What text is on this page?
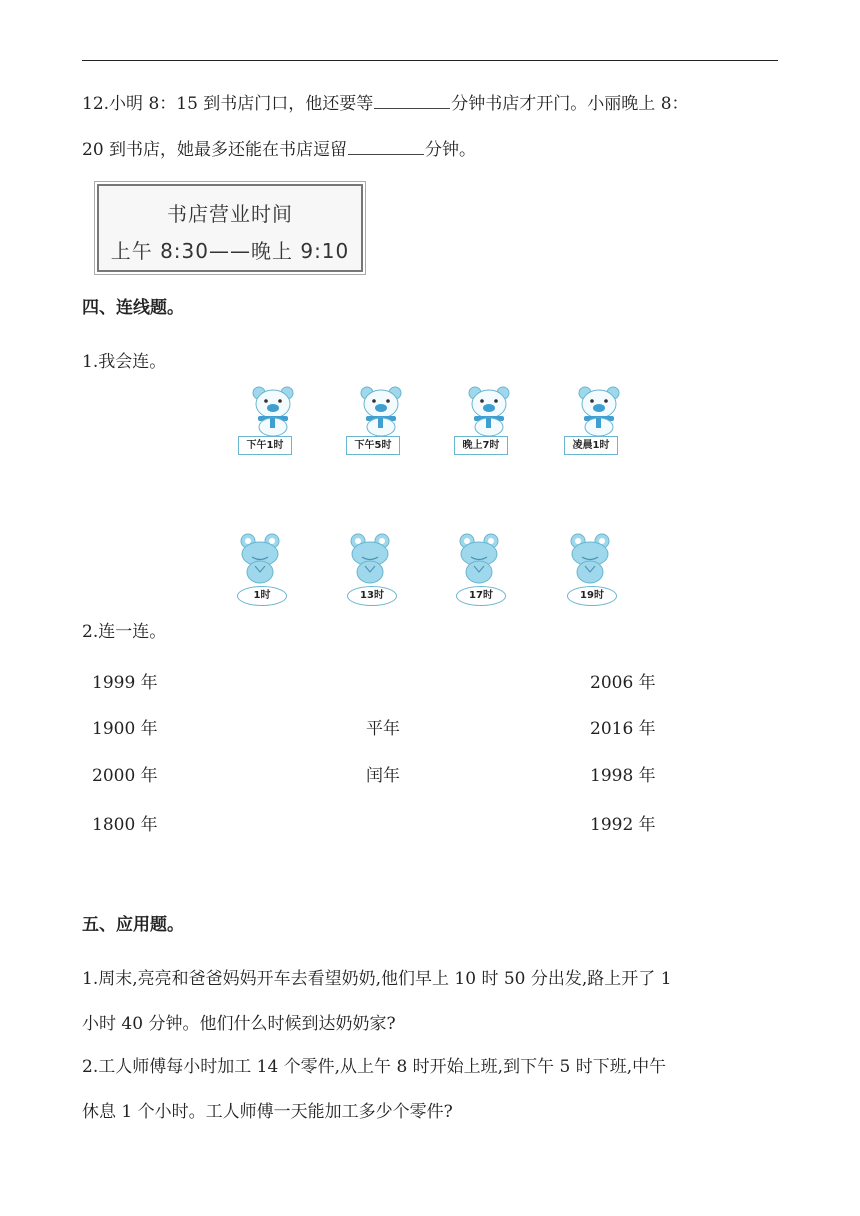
12.小明 8：15 到书店门口，他还要等	分钟书店才开门。小丽晚上 8：
20 到书店，她最多还能在书店逗留	分钟。
书店营业时间
上午 8:30——晚上 9:10
四、连线题。
1.我会连。
下午1时	下午5时	晚上7时	凌晨1时
1时	13时	17时	19时
2.连一连。
1999 年
1900 年
2000 年
1800 年
平年
闰年
2006 年
2016 年
1998 年
1992 年
五、应用题。
1.周末,亮亮和爸爸妈妈开车去看望奶奶,他们早上 10 时 50 分出发,路上开了 1
小时 40 分钟。他们什么时候到达奶奶家?
2.工人师傅每小时加工 14 个零件,从上午 8 时开始上班,到下午 5 时下班,中午
休息 1 个小时。工人师傅一天能加工多少个零件?
